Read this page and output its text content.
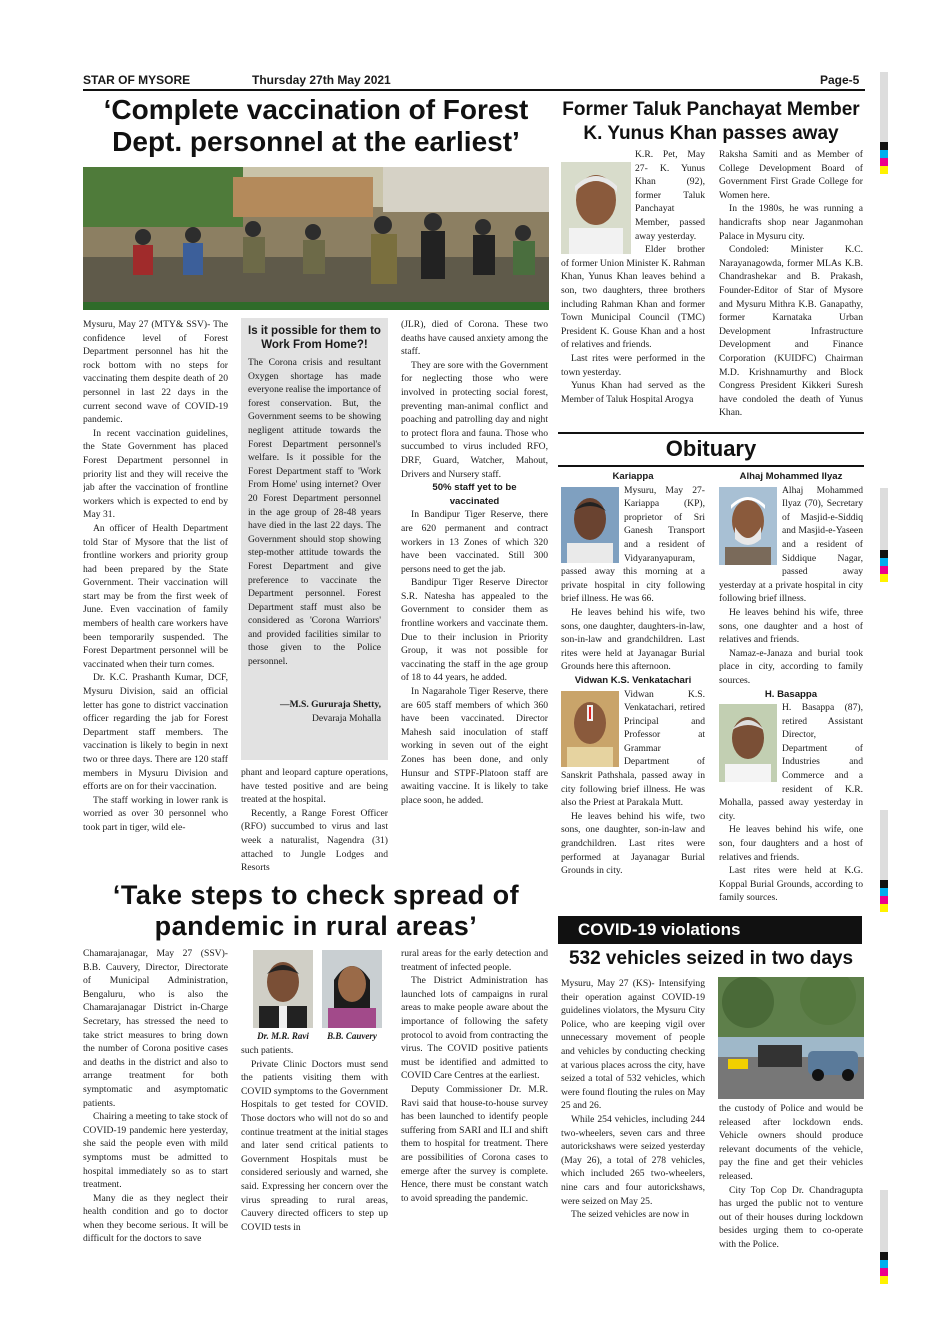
STAR OF MYSORE	Thursday 27th May 2021	Page-5
‘Complete vaccination of Forest Dept. personnel at the earliest’

Mysuru, May 27 (MTY& SSV)- The confidence level of Forest Department personnel has hit the rock bottom with no steps for vaccinating them despite death of 20 personnel in last 22 days in the current second wave of COVID-19 pandemic.

In recent vaccination guidelines, the State Government has placed Forest Department personnel in priority list and they will receive the jab after the vaccination of frontline workers which is expected to end by May 31.

An officer of Health Department told Star of Mysore that the list of frontline workers and priority group had been prepared by the State Government. Their vaccination will start may be from the first week of June. Even vaccination of family members of health care workers have been temporarily suspended. The Forest Department personnel will be vaccinated when their turn comes.

Dr. K.C. Prashanth Kumar, DCF, Mysuru Division, said an official letter has gone to district vaccination officer regarding the jab for Forest Department staff members. The vaccination is likely to begin in next two or three days. There are 120 staff members in Mysuru Division and efforts are on for their vaccination.

The staff working in lower rank is worried as over 30 personnel who took part in tiger, wild ele-

Is it possible for them to Work From Home?!
The Corona crisis and resultant Oxygen shortage has made everyone realise the importance of forest conservation. But, the Government seems to be showing negligent attitude towards the Forest Department personnel's welfare. Is it possible for the Forest Department staff to 'Work From Home' using internet? Over 20 Forest Department personnel in the age group of 28-48 years have died in the last 22 days. The Government should stop showing step-mother attitude towards the Forest Department and give preference to vaccinate the Department personnel. Forest Department staff must also be considered as 'Corona Warriors' and provided facilities similar to those given to the Police personnel.
—M.S. Gururaja Shetty,
Devaraja Mohalla

phant and leopard capture operations, have tested positive and are being treated at the hospital.

Recently, a Range Forest Officer (RFO) succumbed to virus and last week a naturalist, Nagendra (31) attached to Jungle Lodges and Resorts

(JLR), died of Corona. These two deaths have caused anxiety among the staff.

They are sore with the Government for neglecting those who were involved in protecting social forest, preventing man-animal conflict and poaching and patrolling day and night to protect flora and fauna. Those who succumbed to virus included RFO, DRF, Guard, Watcher, Mahout, Drivers and Nursery staff.

50% staff yet to be vaccinated

In Bandipur Tiger Reserve, there are 620 permanent and contract workers in 13 Zones of which 320 have been vaccinated. Still 300 persons need to get the jab.

Bandipur Tiger Reserve Director S.R. Natesha has appealed to the Government to consider them as frontline workers and vaccinate them. Due to their inclusion in Priority Group, it was not possible for vaccinating the staff in the age group of 18 to 44 years, he added.

In Nagarahole Tiger Reserve, there are 605 staff members of which 360 have been vaccinated. Director Mahesh said inoculation of staff working in seven out of the eight Zones has been done, and only Hunsur and STPF-Platoon staff are awaiting vaccine. It is likely to take place soon, he added.

Former Taluk Panchayat Member K. Yunus Khan passes away

K.R. Pet, May 27- K. Yunus Khan (92), former Taluk Panchayat Member, passed away yesterday.

Elder brother of former Union Minister K. Rahman Khan, Yunus Khan leaves behind a son, two daughters, three brothers including Rahman Khan and former Town Municipal Council (TMC) President K. Gouse Khan and a host of relatives and friends.

Last rites were performed in the town yesterday.

Yunus Khan had served as the Member of Taluk Hospital Arogya

Raksha Samiti and as Member of College Development Board of Government First Grade College for Women here.

In the 1980s, he was running a handicrafts shop near Jaganmohan Palace in Mysuru city.

Condoled: Minister K.C. Narayanagowda, former MLAs K.B. Chandrashekar and B. Prakash, Founder-Editor of Star of Mysore and Mysuru Mithra K.B. Ganapathy, former Karnataka Urban Development Infrastructure Development and Finance Corporation (KUIDFC) Chairman M.D. Krishnamurthy and Block Congress President Kikkeri Suresh have condoled the death of Yunus Khan.

Obituary
Kariappa

Mysuru, May 27- Kariappa (KP), proprietor of Sri Ganesh Transport and a resident of Vidyaranyapuram, passed away this morning at a private hospital in city following brief illness. He was 66.

He leaves behind his wife, two sons, one daughter, daughters-in-law, son-in-law and grandchildren. Last rites were held at Jayanagar Burial Grounds here this afternoon.

Vidwan K.S. Venkatachari

Vidwan K.S. Venkatachari, retired Principal and Professor at Grammar Department of Sanskrit Pathshala, passed away in city following brief illness. He was also the Priest at Parakala Mutt.

He leaves behind his wife, two sons, one daughter, son-in-law and grandchildren. Last rites were performed at Jayanagar Burial Grounds in city.

Alhaj Mohammed Ilyaz

Alhaj Mohammed Ilyaz (70), Secretary of Masjid-e-Siddiq and Masjid-e-Yaseen and a resident of Siddique Nagar, passed away yesterday at a private hospital in city following brief illness.

He leaves behind his wife, three sons, one daughter and a host of relatives and friends.

Namaz-e-Janaza and burial took place in city, according to family sources.

H. Basappa

H. Basappa (87), retired Assistant Director, Department of Industries and Commerce and a resident of K.R. Mohalla, passed away yesterday in city.

He leaves behind his wife, one son, four daughters and a host of relatives and friends.

Last rites were held at K.G. Koppal Burial Grounds, according to family sources.

‘Take steps to check spread of pandemic in rural areas’

Chamarajanagar, May 27 (SSV)- B.B. Cauvery, Director, Directorate of Municipal Administration, Bengaluru, who is also the Chamarajanagar District in-Charge Secretary, has stressed the need to take strict measures to bring down the number of Corona positive cases and deaths in the district and also to arrange treatment for both symptomatic and asymptomatic patients.

Chairing a meeting to take stock of COVID-19 pandemic here yesterday, she said the people even with mild symptoms must be admitted to hospital immediately so as to start treatment.

Many die as they neglect their health condition and go to doctor when they become serious. It will be difficult for the doctors to save

Dr. M.R. Ravi	B.B. Cauvery

such patients.

Private Clinic Doctors must send the patients visiting them with COVID symptoms to the Government Hospitals to get tested for COVID. Those doctors who will not do so and continue treatment at the initial stages and later send critical patients to Government Hospitals must be considered seriously and warned, she said. Expressing her concern over the virus spreading to rural areas, Cauvery directed officers to step up COVID tests in

rural areas for the early detection and treatment of infected people.

The District Administration has launched lots of campaigns in rural areas to make people aware about the importance of following the safety protocol to avoid from contracting the virus. The COVID positive patients must be identified and admitted to COVID Care Centres at the earliest.

Deputy Commissioner Dr. M.R. Ravi said that house-to-house survey has been launched to identify people suffering from SARI and ILI and shift them to hospital for treatment. There are possibilities of Corona cases to emerge after the survey is complete. Hence, there must be constant watch to avoid spreading the pandemic.

COVID-19 violations
532 vehicles seized in two days

Mysuru, May 27 (KS)- Intensifying their operation against COVID-19 guidelines violators, the Mysuru City Police, who are keeping vigil over unnecessary movement of people and vehicles by conducting checking at various places across the city, have seized a total of 532 vehicles, which were found flouting the rules on May 25 and 26.

While 254 vehicles, including 244 two-wheelers, seven cars and three autorickshaws were seized yesterday (May 26), a total of 278 vehicles, which included 265 two-wheelers, nine cars and four autorickshaws, were seized on May 25.

The seized vehicles are now in

the custody of Police and would be released after lockdown ends. Vehicle owners should produce relevant documents of the vehicle, pay the fine and get their vehicles released.

City Top Cop Dr. Chandragupta has urged the public not to venture out of their houses during lockdown besides urging them to co-operate with the Police.
